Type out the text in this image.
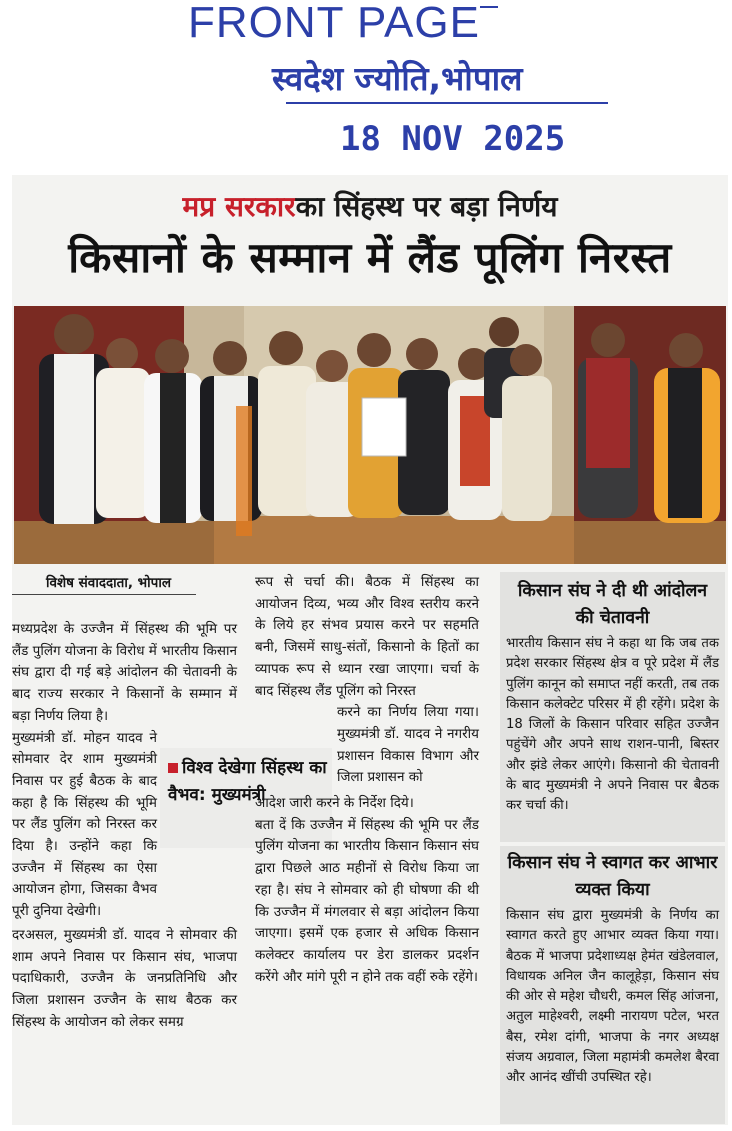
FRONT PAGE
स्वदेश ज्योति,भोपाल
18 NOV 2025
मप्र सरकारका सिंहस्थ पर बड़ा निर्णय
किसानों के सम्मान में लैंड पूलिंग निरस्त
विशेष संवाददाता, भोपाल
मध्यप्रदेश के उज्जैन में सिंहस्थ की भूमि पर लैंड पुलिंग योजना के विरोध में भारतीय किसान संघ द्वारा दी गई बड़े आंदोलन की चेतावनी के बाद राज्य सरकार ने किसानों के सम्मान में बड़ा निर्णय लिया है।
मुख्यमंत्री डॉ. मोहन यादव ने सोमवार देर शाम मुख्यमंत्री निवास पर हुई बैठक के बाद कहा है कि सिंहस्थ की भूमि पर लैंड पुलिंग को निरस्त कर दिया है। उन्होंने कहा कि उज्जैन में सिंहस्थ का ऐसा आयोजन होगा, जिसका वैभव पूरी दुनिया देखेगी।
दरअसल, मुख्यमंत्री डॉ. यादव ने सोमवार की शाम अपने निवास पर किसान संघ, भाजपा पदाधिकारी, उज्जैन के जनप्रतिनिधि और जिला प्रशासन उज्जैन के साथ बैठक कर सिंहस्थ के आयोजन को लेकर समग्र
विश्व देखेगा सिंहस्थ का वैभव: मुख्यमंत्री
रूप से चर्चा की। बैठक में सिंहस्थ का आयोजन दिव्य, भव्य और विश्व स्तरीय करने के लिये हर संभव प्रयास करने पर सहमति बनी, जिसमें साधु-संतों, किसानो के हितों का व्यापक रूप से ध्यान रखा जाएगा। चर्चा के बाद सिंहस्थ लैंड पूलिंग को निरस्त
करने का निर्णय लिया गया। मुख्यमंत्री डॉ. यादव ने नगरीय प्रशासन विकास विभाग और जिला प्रशासन को
आदेश जारी करने के निर्देश दिये।
बता दें कि उज्जैन में सिंहस्थ की भूमि पर लैंड पुलिंग योजना का भारतीय किसान किसान संघ द्वारा पिछले आठ महीनों से विरोध किया जा रहा है। संघ ने सोमवार को ही घोषणा की थी कि उज्जैन में मंगलवार से बड़ा आंदोलन किया जाएगा। इसमें एक हजार से अधिक किसान कलेक्टर कार्यालय पर डेरा डालकर प्रदर्शन करेंगे और मांगे पूरी न होने तक वहीं रुके रहेंगे।
किसान संघ ने दी थी आंदोलन की चेतावनी
भारतीय किसान संघ ने कहा था कि जब तक प्रदेश सरकार सिंहस्थ क्षेत्र व पूरे प्रदेश में लैंड पुलिंग कानून को समाप्त नहीं करती, तब तक किसान कलेक्टेट परिसर में ही रहेंगे। प्रदेश के 18 जिलों के किसान परिवार सहित उज्जैन पहुंचेंगे और अपने साथ राशन-पानी, बिस्तर और झंडे लेकर आएंगे। किसानो की चेतावनी के बाद मुख्यमंत्री ने अपने निवास पर बैठक कर चर्चा की।
किसान संघ ने स्वागत कर आभार व्यक्त किया
किसान संघ द्वारा मुख्यमंत्री के निर्णय का स्वागत करते हुए आभार व्यक्त किया गया। बैठक में भाजपा प्रदेशाध्यक्ष हेमंत खंडेलवाल, विधायक अनिल जैन कालूहेड़ा, किसान संघ की ओर से महेश चौधरी, कमल सिंह आंजना, अतुल माहेश्वरी, लक्ष्मी नारायण पटेल, भरत बैस, रमेश दांगी, भाजपा के नगर अध्यक्ष संजय अग्रवाल, जिला महामंत्री कमलेश बैरवा और आनंद खींची उपस्थित रहे।
